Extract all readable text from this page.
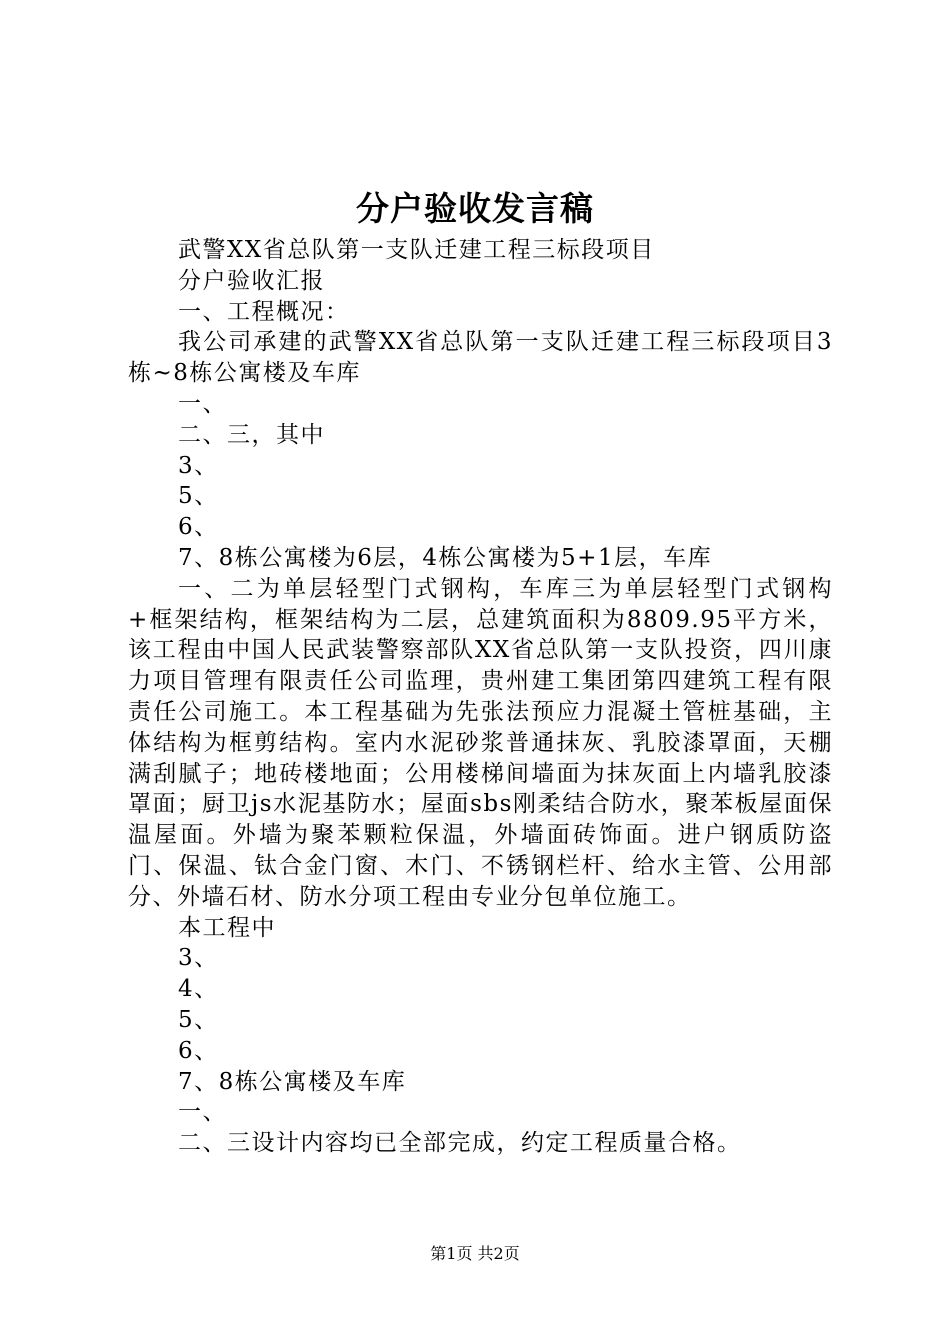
分户验收发言稿

武警XX省总队第一支队迁建工程三标段项目

分户验收汇报

一、工程概况：

我公司承建的武警XX省总队第一支队迁建工程三标段项目3栋~8栋公寓楼及车库

一、

二、三，其中

3、

5、

6、

7、8栋公寓楼为6层，4栋公寓楼为5+1层，车库

一、二为单层轻型门式钢构，车库三为单层轻型门式钢构+框架结构，框架结构为二层，总建筑面积为8809.95平方米，该工程由中国人民武装警察部队XX省总队第一支队投资，四川康力项目管理有限责任公司监理，贵州建工集团第四建筑工程有限责任公司施工。本工程基础为先张法预应力混凝土管桩基础，主体结构为框剪结构。室内水泥砂浆普通抹灰、乳胶漆罩面，天棚满刮腻子；地砖楼地面；公用楼梯间墙面为抹灰面上内墙乳胶漆罩面；厨卫js水泥基防水；屋面sbs刚柔结合防水，聚苯板屋面保温屋面。外墙为聚苯颗粒保温，外墙面砖饰面。进户钢质防盗门、保温、钛合金门窗、木门、不锈钢栏杆、给水主管、公用部分、外墙石材、防水分项工程由专业分包单位施工。

本工程中

3、

4、

5、

6、

7、8栋公寓楼及车库

一、

二、三设计内容均已全部完成，约定工程质量合格。

第1页 共2页
